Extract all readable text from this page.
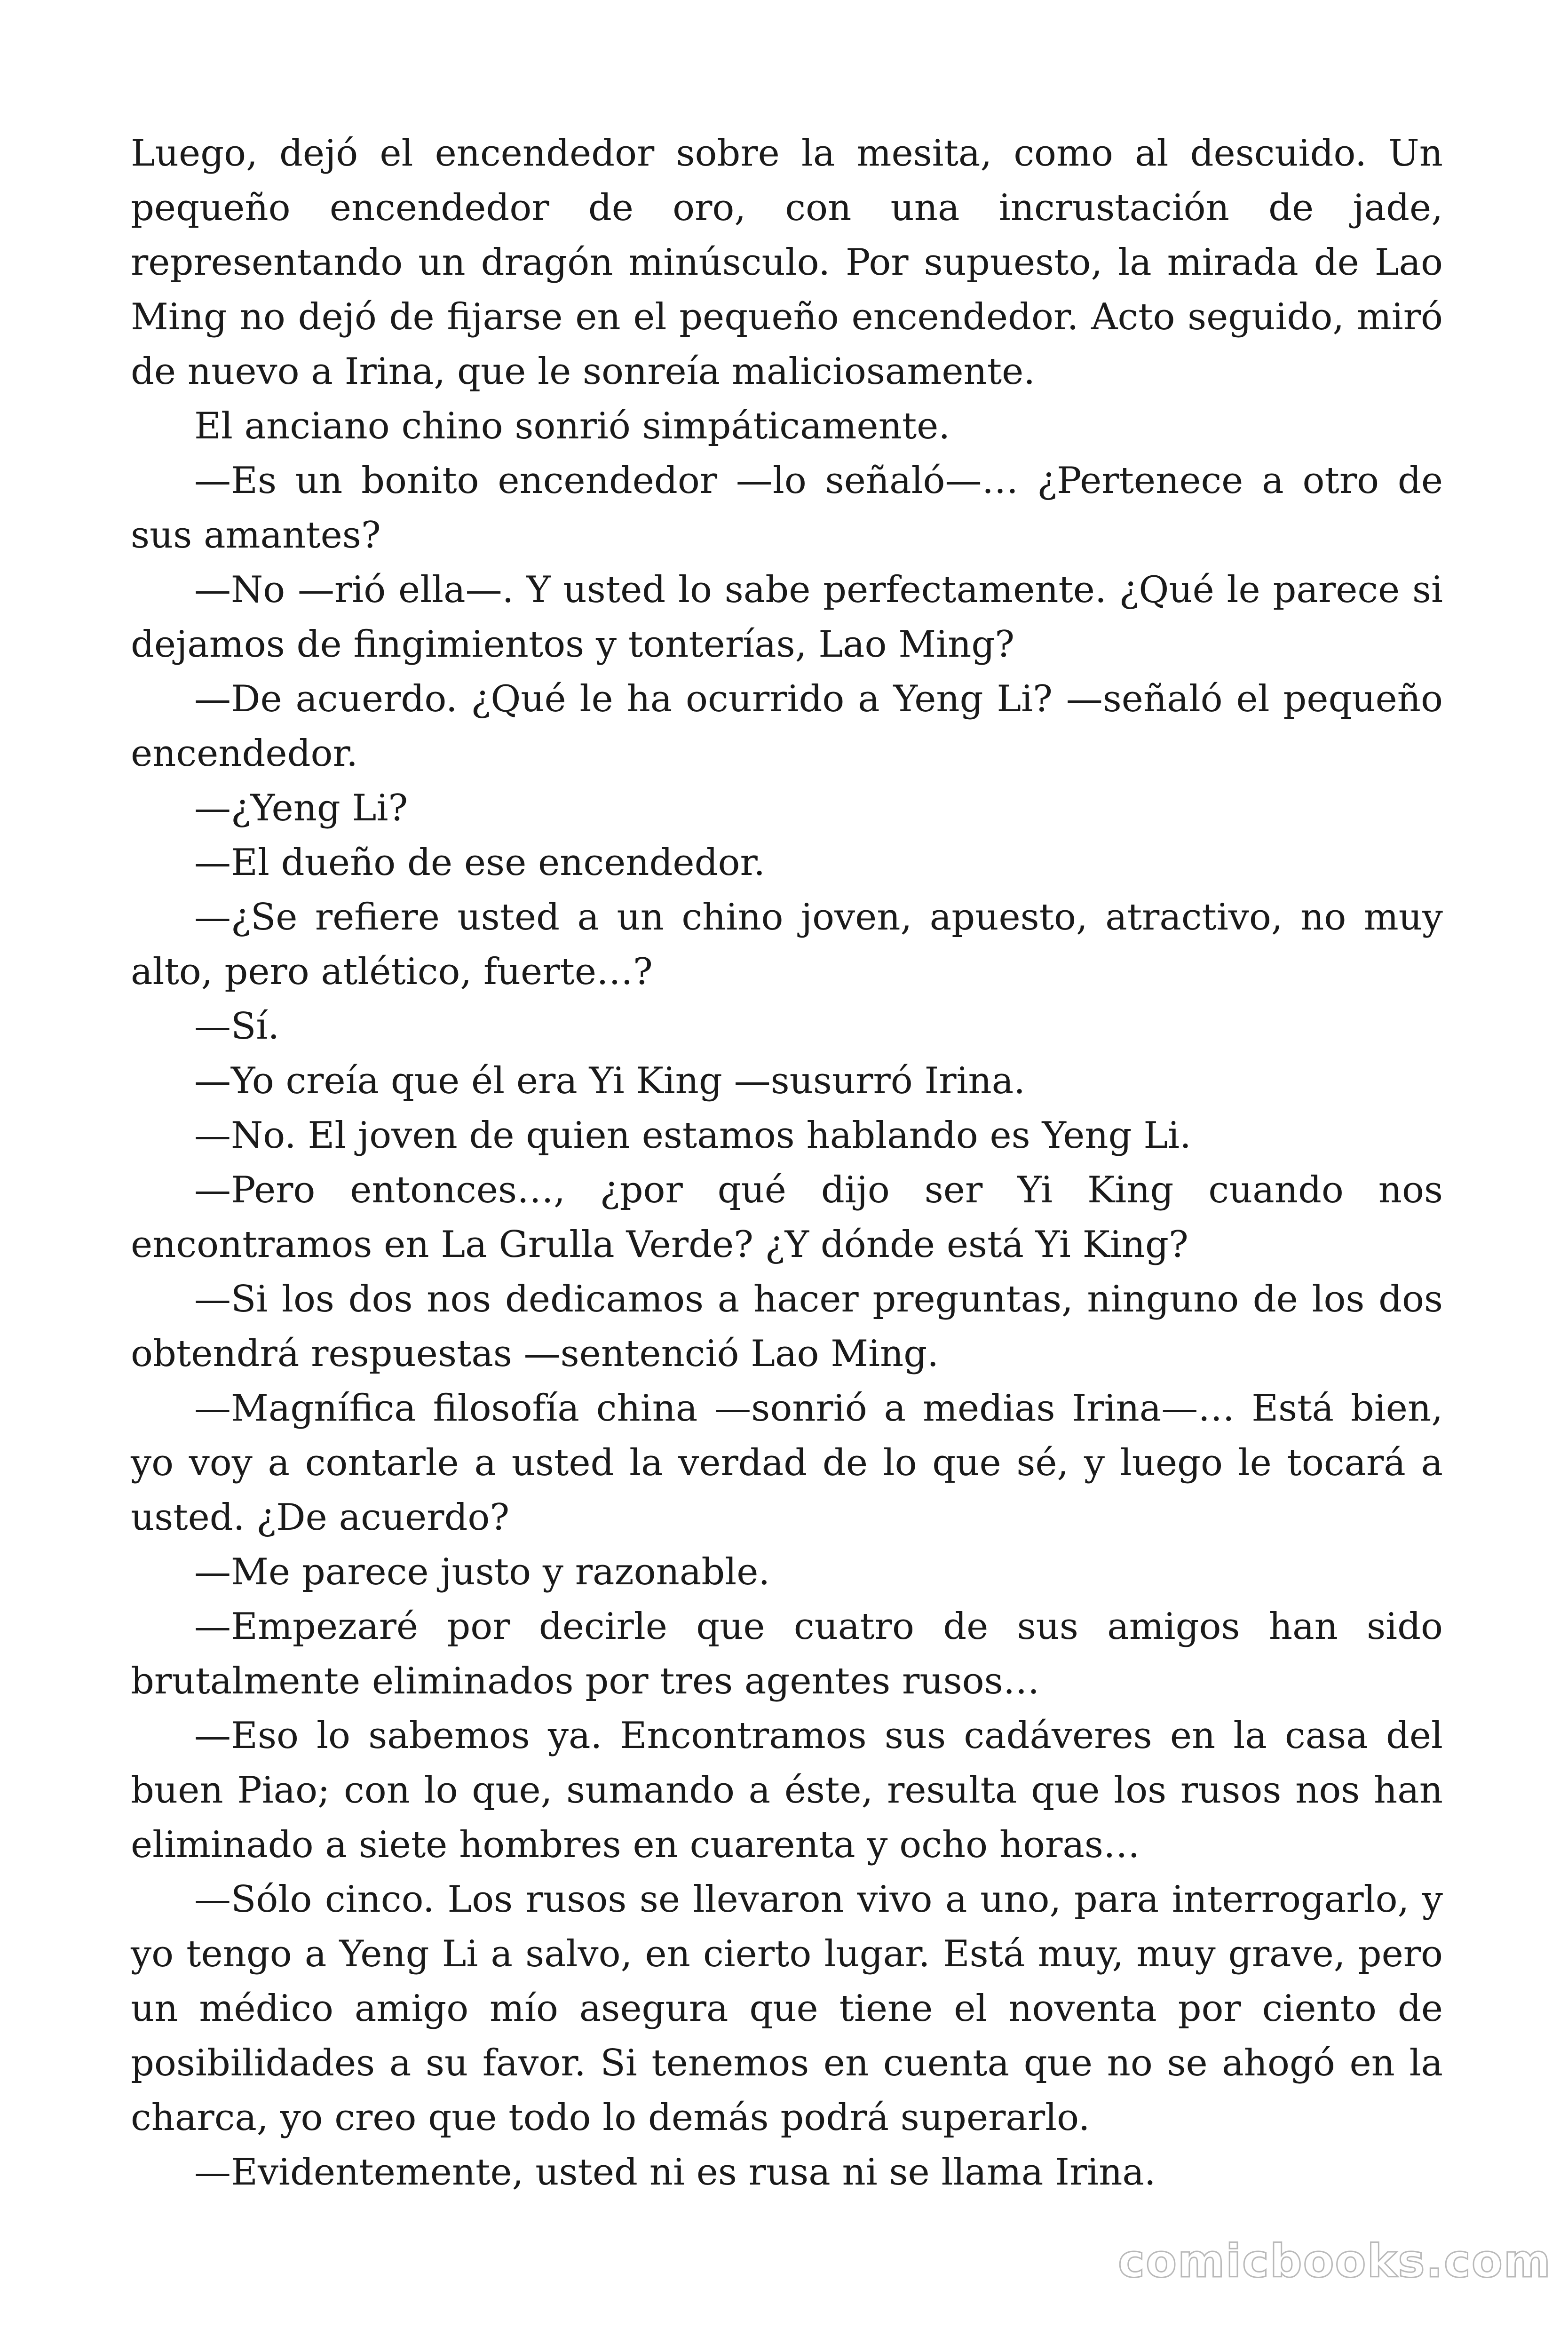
Luego, dejó el encendedor sobre la mesita, como al descuido. Un pequeño encendedor de oro, con una incrustación de jade, representando un dragón minúsculo. Por supuesto, la mirada de Lao Ming no dejó de fijarse en el pequeño encendedor. Acto seguido, miró de nuevo a Irina, que le sonreía maliciosamente.

El anciano chino sonrió simpáticamente.

—Es un bonito encendedor —lo señaló—… ¿Pertenece a otro de sus amantes?

—No —rió ella—. Y usted lo sabe perfectamente. ¿Qué le parece si dejamos de fingimientos y tonterías, Lao Ming?

—De acuerdo. ¿Qué le ha ocurrido a Yeng Li? —señaló el pequeño encendedor.

—¿Yeng Li?

—El dueño de ese encendedor.

—¿Se refiere usted a un chino joven, apuesto, atractivo, no muy alto, pero atlético, fuerte…?

—Sí.

—Yo creía que él era Yi King —susurró Irina.

—No. El joven de quien estamos hablando es Yeng Li.

—Pero entonces…, ¿por qué dijo ser Yi King cuando nos encontramos en La Grulla Verde? ¿Y dónde está Yi King?

—Si los dos nos dedicamos a hacer preguntas, ninguno de los dos obtendrá respuestas —sentenció Lao Ming.

—Magnífica filosofía china —sonrió a medias Irina—… Está bien, yo voy a contarle a usted la verdad de lo que sé, y luego le tocará a usted. ¿De acuerdo?

—Me parece justo y razonable.

—Empezaré por decirle que cuatro de sus amigos han sido brutalmente eliminados por tres agentes rusos…

—Eso lo sabemos ya. Encontramos sus cadáveres en la casa del buen Piao; con lo que, sumando a éste, resulta que los rusos nos han eliminado a siete hombres en cuarenta y ocho horas…

—Sólo cinco. Los rusos se llevaron vivo a uno, para interrogarlo, y yo tengo a Yeng Li a salvo, en cierto lugar. Está muy, muy grave, pero un médico amigo mío asegura que tiene el noventa por ciento de posibilidades a su favor. Si tenemos en cuenta que no se ahogó en la charca, yo creo que todo lo demás podrá superarlo.

—Evidentemente, usted ni es rusa ni se llama Irina.

comicbooks.com
